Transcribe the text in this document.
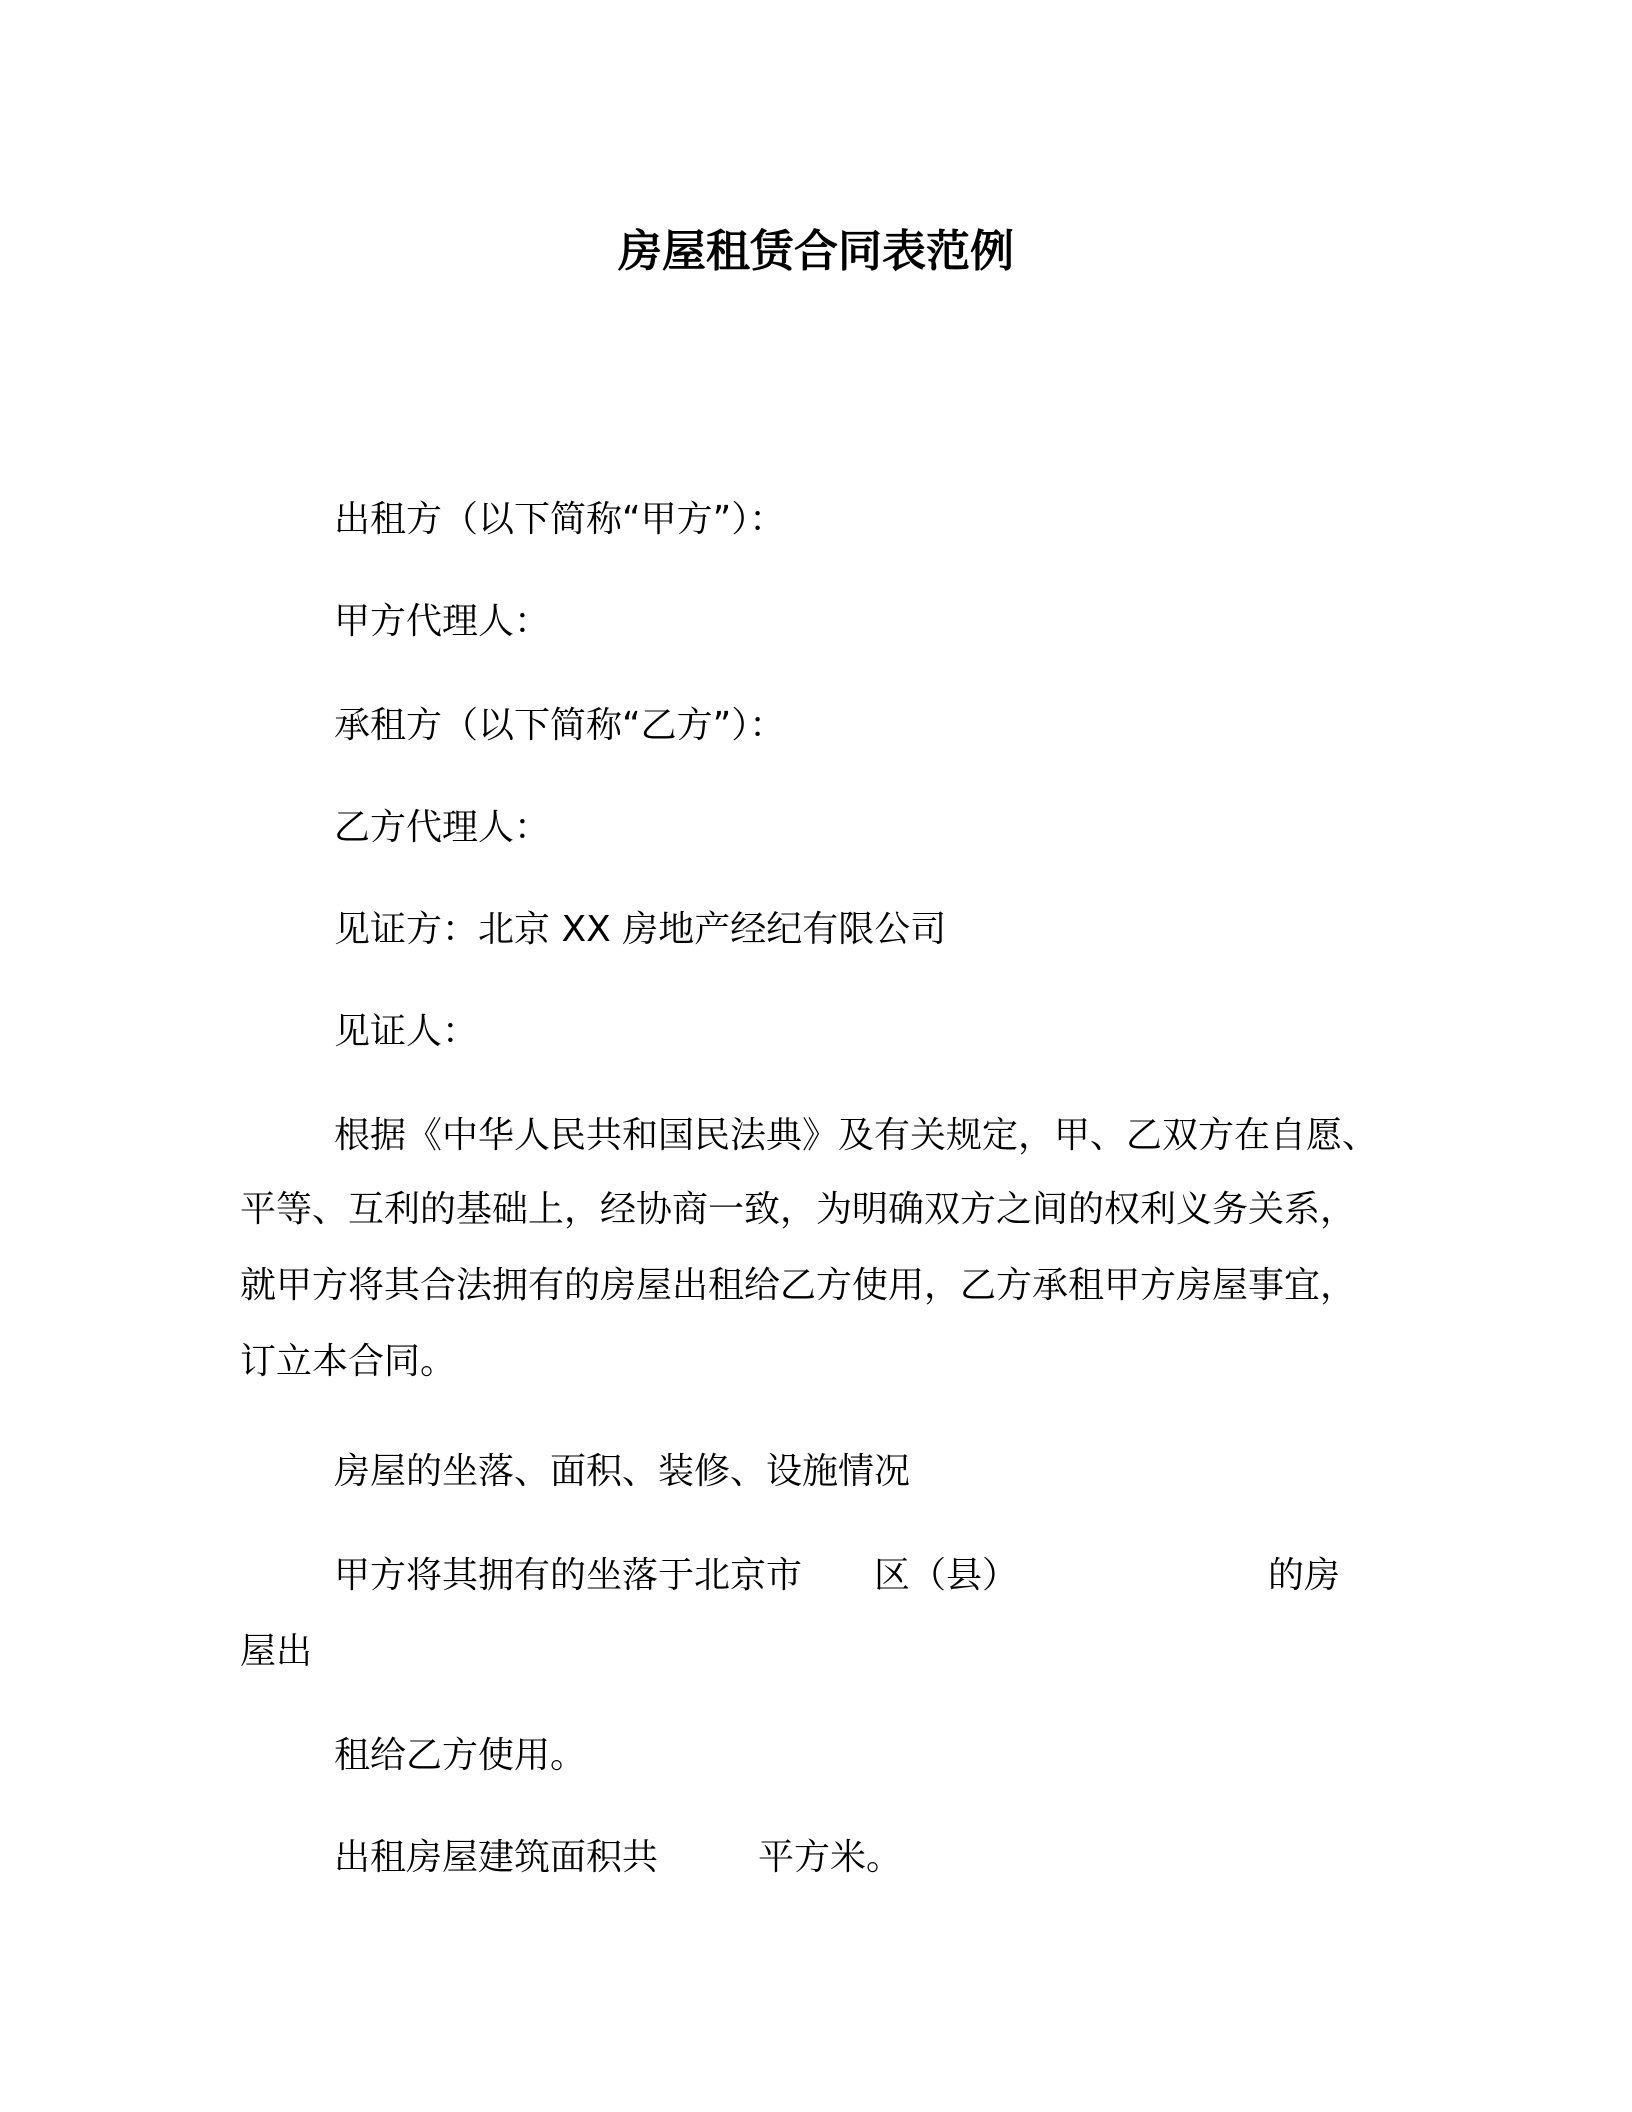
房屋租赁合同表范例
出租方（以下简称“甲方”）：
甲方代理人：
承租方（以下简称“乙方”）：
乙方代理人：
见证方：北京 XX 房地产经纪有限公司
见证人：
根据《中华人民共和国民法典》及有关规定，甲、乙双方在自愿、
平等、互利的基础上，经协商一致，为明确双方之间的权利义务关系，
就甲方将其合法拥有的房屋出租给乙方使用，乙方承租甲方房屋事宜，
订立本合同。
房屋的坐落、面积、装修、设施情况
甲方将其拥有的坐落于北京市 区（县）	的房
屋出
租给乙方使用。
出租房屋建筑面积共	平方米。
